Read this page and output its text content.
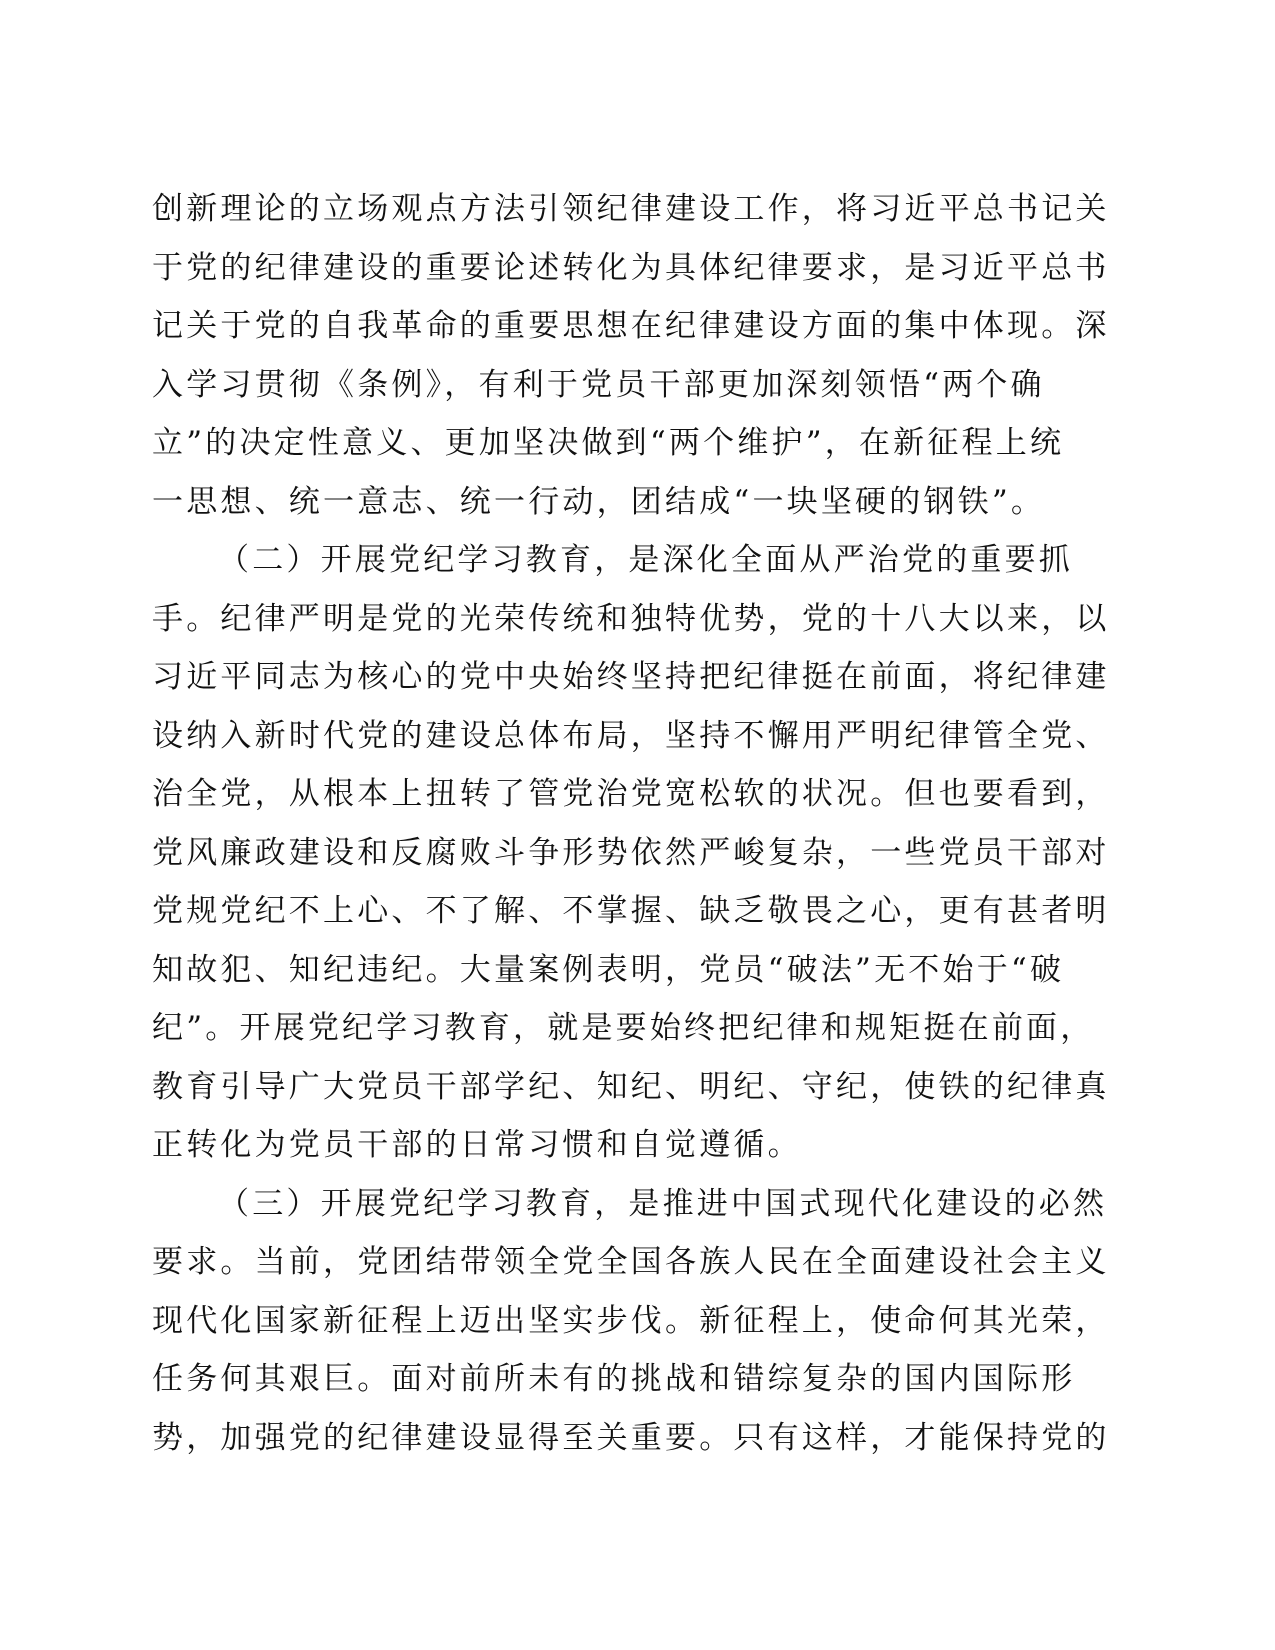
创新理论的立场观点方法引领纪律建设工作，将习近平总书记关
于党的纪律建设的重要论述转化为具体纪律要求，是习近平总书
记关于党的自我革命的重要思想在纪律建设方面的集中体现。深
入学习贯彻《条例》，有利于党员干部更加深刻领悟“两个确
立”的决定性意义、更加坚决做到“两个维护”，在新征程上统
一思想、统一意志、统一行动，团结成“一块坚硬的钢铁”。
（二）开展党纪学习教育，是深化全面从严治党的重要抓
手。纪律严明是党的光荣传统和独特优势，党的十八大以来，以
习近平同志为核心的党中央始终坚持把纪律挺在前面，将纪律建
设纳入新时代党的建设总体布局，坚持不懈用严明纪律管全党、
治全党，从根本上扭转了管党治党宽松软的状况。但也要看到，
党风廉政建设和反腐败斗争形势依然严峻复杂，一些党员干部对
党规党纪不上心、不了解、不掌握、缺乏敬畏之心，更有甚者明
知故犯、知纪违纪。大量案例表明，党员“破法”无不始于“破
纪”。开展党纪学习教育，就是要始终把纪律和规矩挺在前面，
教育引导广大党员干部学纪、知纪、明纪、守纪，使铁的纪律真
正转化为党员干部的日常习惯和自觉遵循。
（三）开展党纪学习教育，是推进中国式现代化建设的必然
要求。当前，党团结带领全党全国各族人民在全面建设社会主义
现代化国家新征程上迈出坚实步伐。新征程上，使命何其光荣，
任务何其艰巨。面对前所未有的挑战和错综复杂的国内国际形
势，加强党的纪律建设显得至关重要。只有这样，才能保持党的
